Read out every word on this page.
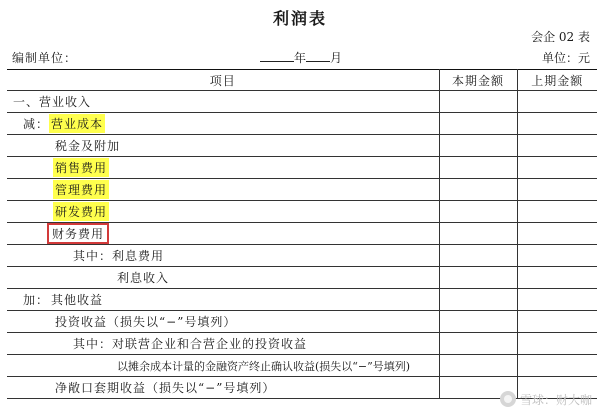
利润表
会企 02 表
编制单位：	年 月	单位：元
项目	本期金额	上期金额
一、营业收入		
减： 营业成本		
税金及附加		
销售费用		
管理费用		
研发费用		
财务费用		
其中：利息费用		
利息收入		
加： 其他收益		
投资收益（损失以“−”号填列）		
其中：对联营企业和合营企业的投资收益		
以摊余成本计量的金融资产终止确认收益(损失以“−”号填列)		
净敞口套期收益（损失以“−”号填列）		
雪球：财大咖
